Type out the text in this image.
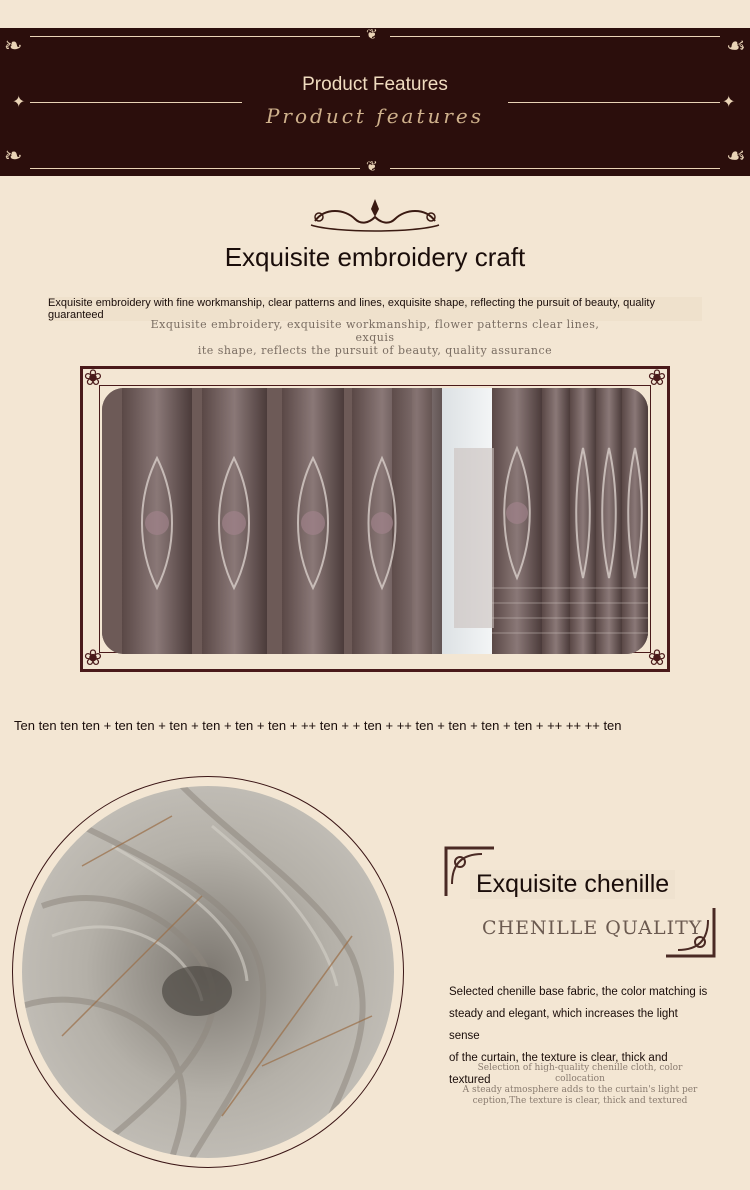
❦
❦
❧	☙
❧	☙
✦	✦
Product Features
Product features
Exquisite embroidery craft
Exquisite embroidery with fine workmanship, clear patterns and lines, exquisite shape, reflecting the pursuit of beauty, quality guaranteed
Exquisite embroidery, exquisite workmanship, flower patterns clear lines, exquis
ite shape, reflects the pursuit of beauty, quality assurance
❀	❀
❀	❀
Ten ten ten ten + ten ten + ten + ten + ten + ten + ++ ten + + ten + ++ ten + ten + ten + ten + ++ ++ ++ ten
Exquisite chenille
CHENILLE QUALITY
Selected chenille base fabric, the color matching is
steady and elegant, which increases the light sense
of the curtain, the texture is clear, thick and textured
Selection of high-quality chenille cloth, color collocation
A steady atmosphere adds to the curtain's light per
ception,The texture is clear, thick and textured
